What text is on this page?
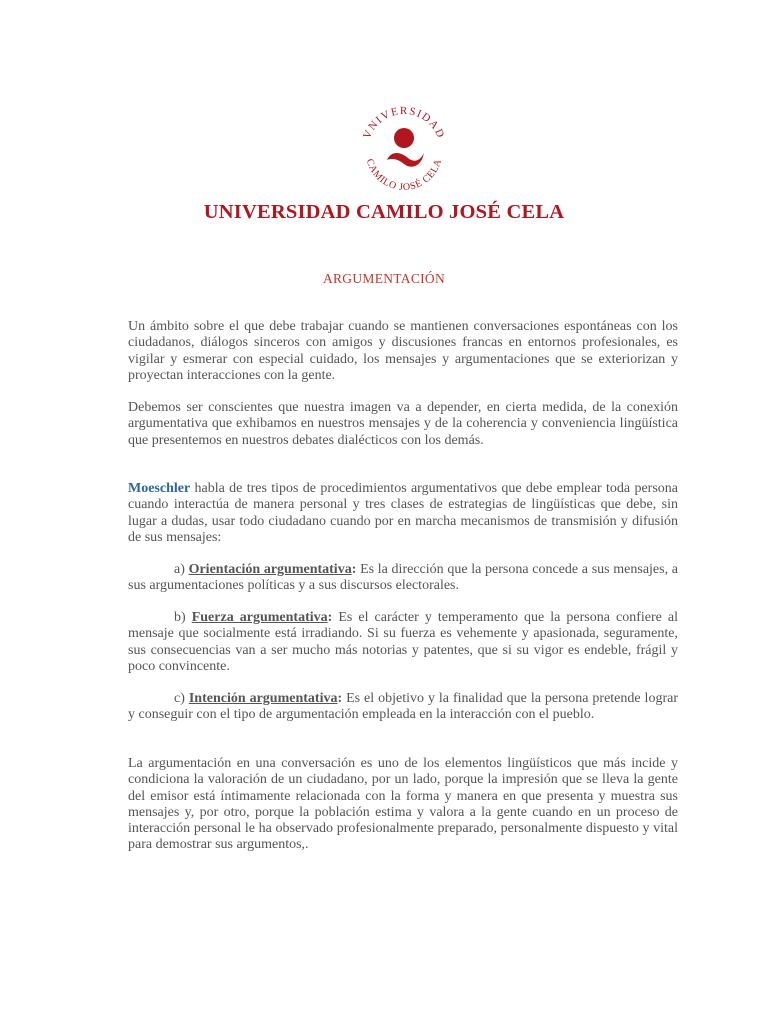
VNIVERSIDAD
CAMILO JOSÉ CELA
UNIVERSIDAD CAMILO JOSÉ CELA
ARGUMENTACIÓN

Un ámbito sobre el que debe trabajar cuando se mantienen conversaciones espontáneas con los ciudadanos, diálogos sinceros con amigos y discusiones francas en entornos profesionales, es vigilar y esmerar con especial cuidado, los mensajes y argumentaciones que se exteriorizan y proyectan interacciones con la gente.

Debemos ser conscientes que nuestra imagen va a depender, en cierta medida, de la conexión argumentativa que exhibamos en nuestros mensajes y de la coherencia y conveniencia lingüística que presentemos en nuestros debates dialécticos con los demás.

Moeschler habla de tres tipos de procedimientos argumentativos que debe emplear toda persona cuando interactúa de manera personal y tres clases de estrategias de lingüísticas que debe, sin lugar a dudas, usar todo ciudadano cuando por en marcha mecanismos de transmisión y difusión de sus mensajes:

a) Orientación argumentativa: Es la dirección que la persona concede a sus mensajes, a sus argumentaciones políticas y a sus discursos electorales.

b) Fuerza argumentativa: Es el carácter y temperamento que la persona confiere al mensaje que socialmente está irradiando. Si su fuerza es vehemente y apasionada, seguramente, sus consecuencias van a ser mucho más notorias y patentes, que si su vigor es endeble, frágil y poco convincente.

c) Intención argumentativa: Es el objetivo y la finalidad que la persona pretende lograr y conseguir con el tipo de argumentación empleada en la interacción con el pueblo.

La argumentación en una conversación es uno de los elementos lingüísticos que más incide y condiciona la valoración de un ciudadano, por un lado, porque la impresión que se lleva la gente del emisor está íntimamente relacionada con la forma y manera en que presenta y muestra sus mensajes y, por otro, porque la población estima y valora a la gente cuando en un proceso de interacción personal le ha observado profesionalmente preparado, personalmente dispuesto y vital para demostrar sus argumentos,.
